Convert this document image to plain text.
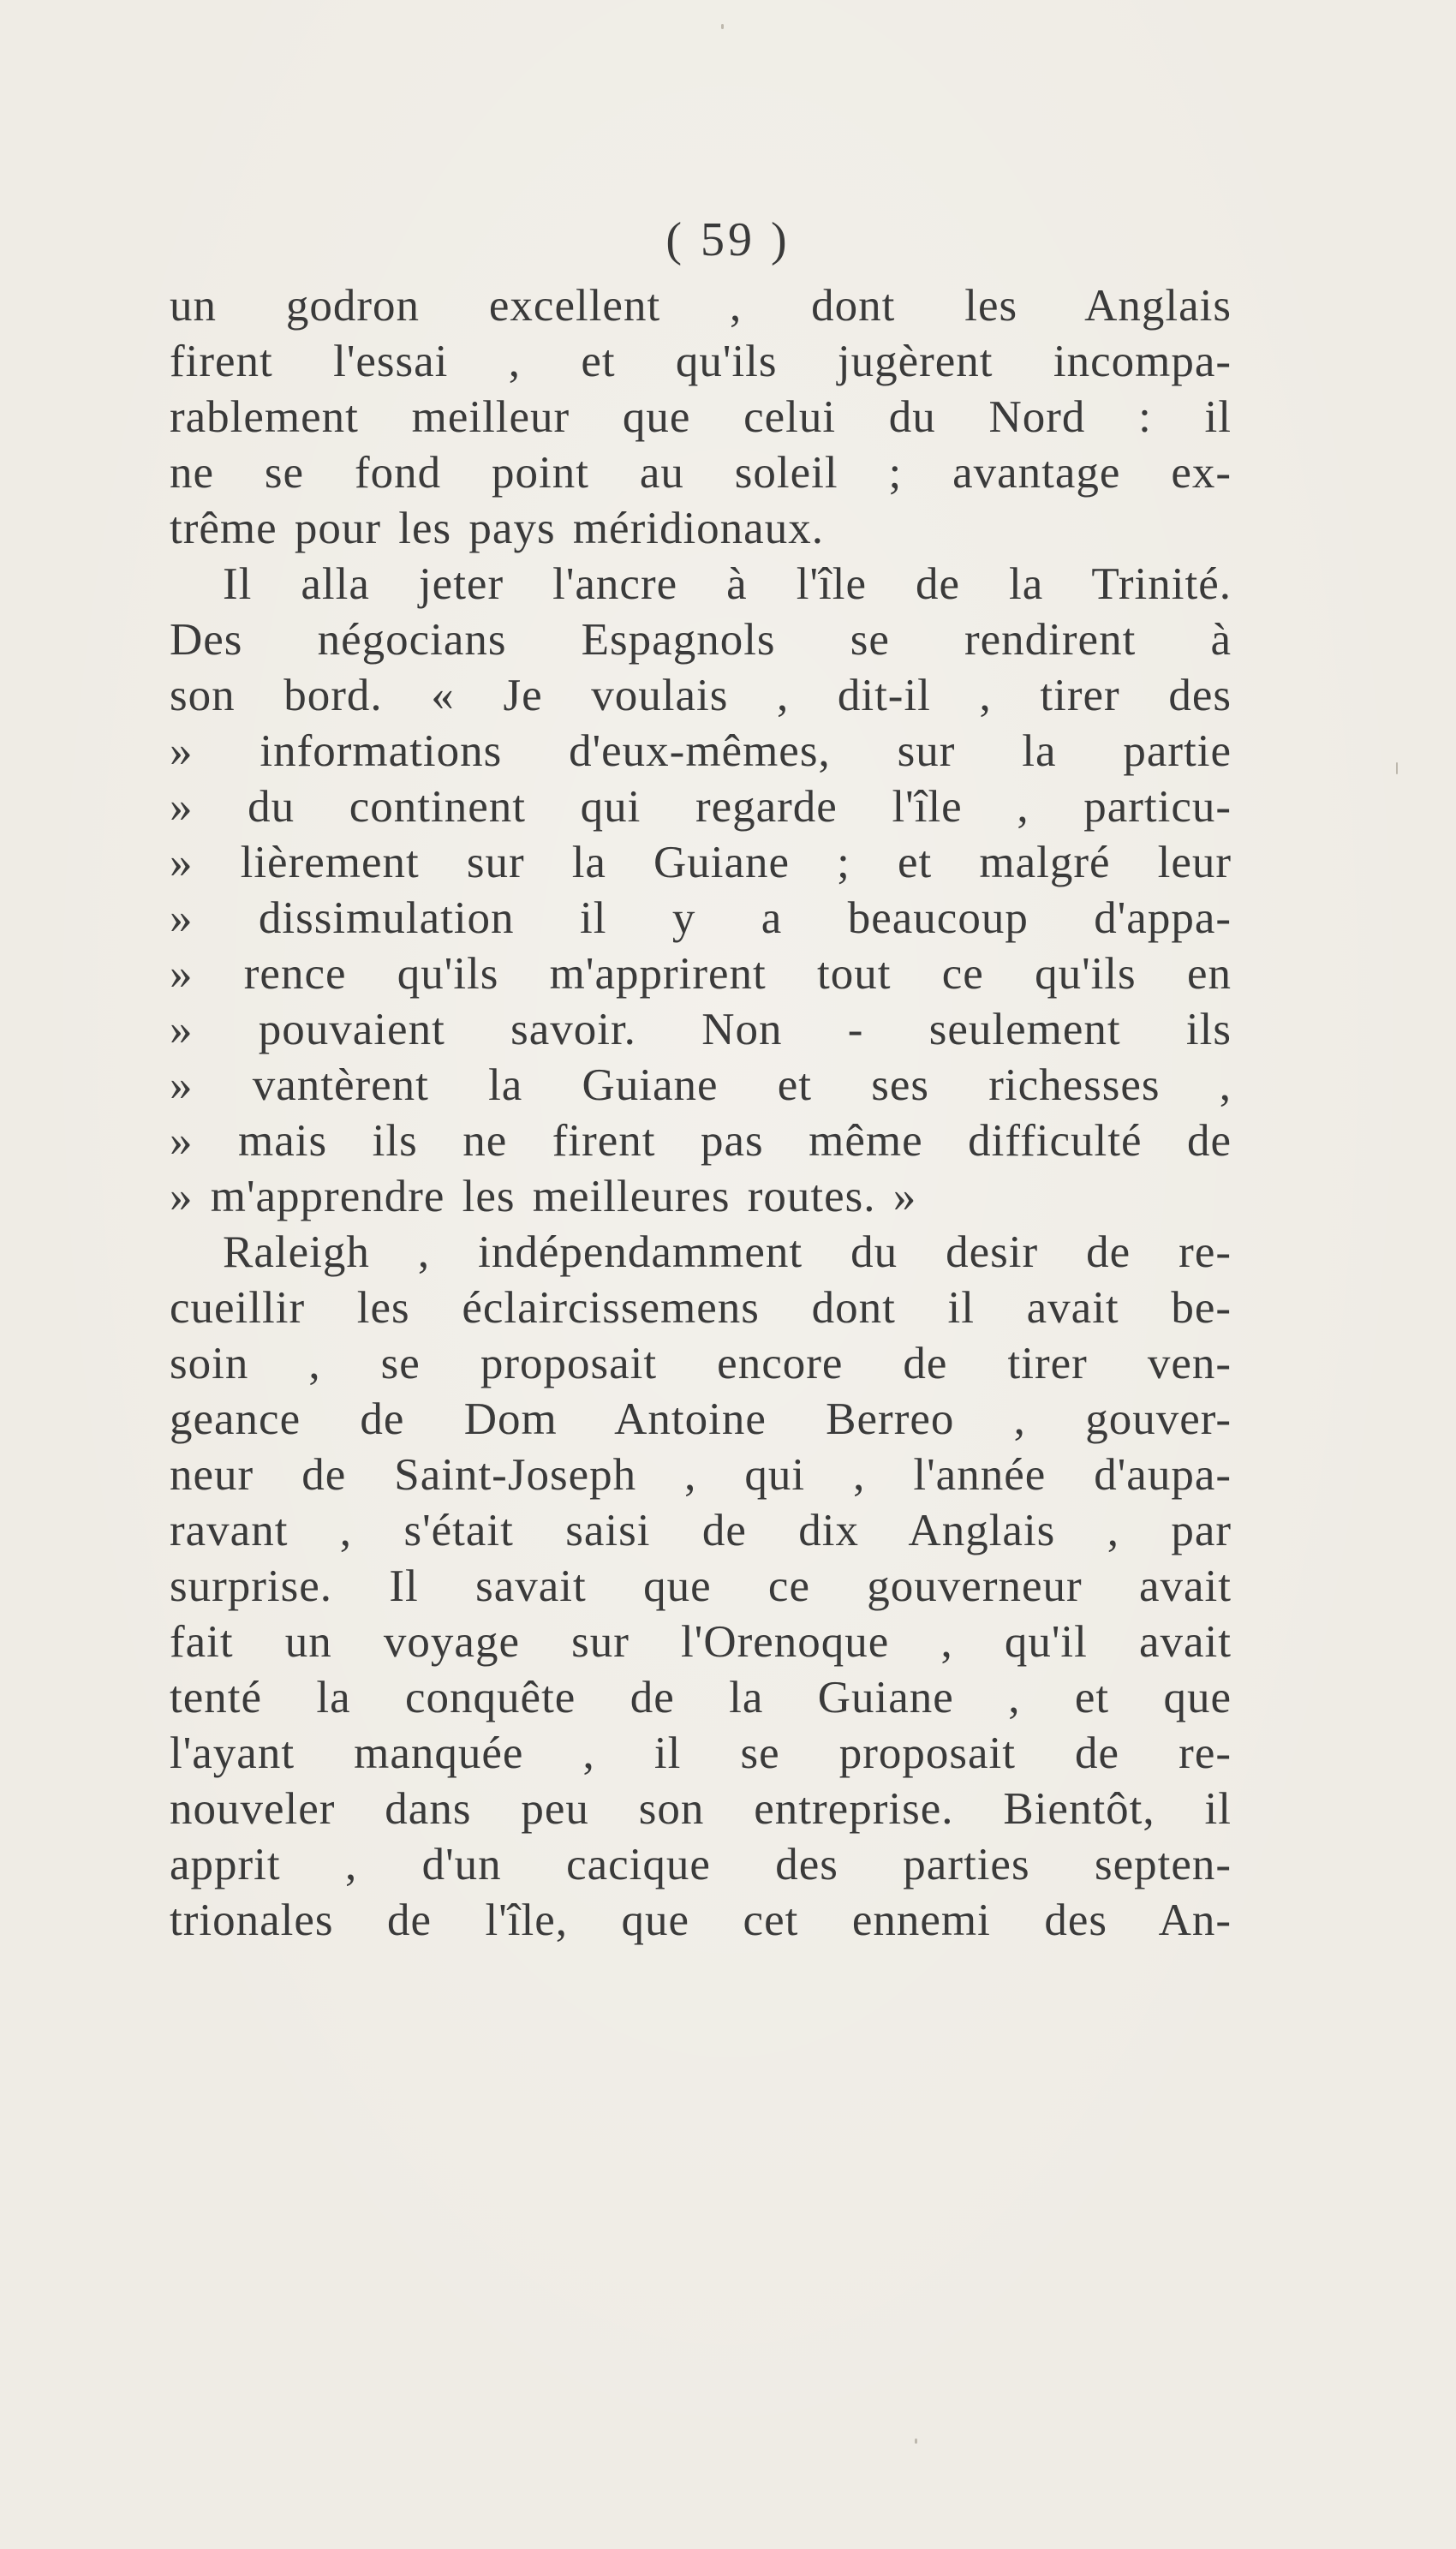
( 59 )
un godron excellent , dont les Anglais
firent l'essai , et qu'ils jugèrent incompa-
rablement meilleur que celui du Nord : il
ne se fond point au soleil ; avantage ex-
trême pour les pays méridionaux.
Il alla jeter l'ancre à l'île de la Trinité.
Des négocians Espagnols se rendirent à
son bord. « Je voulais , dit-il , tirer des
» informations d'eux-mêmes, sur la partie
» du continent qui regarde l'île , particu-
» lièrement sur la Guiane ; et malgré leur
» dissimulation il y a beaucoup d'appa-
» rence qu'ils m'apprirent tout ce qu'ils en
» pouvaient savoir. Non - seulement ils
» vantèrent la Guiane et ses richesses ,
» mais ils ne firent pas même difficulté de
» m'apprendre les meilleures routes. »
Raleigh , indépendamment du desir de re-
cueillir les éclaircissemens dont il avait be-
soin , se proposait encore de tirer ven-
geance de Dom Antoine Berreo , gouver-
neur de Saint-Joseph , qui , l'année d'aupa-
ravant , s'était saisi de dix Anglais , par
surprise. Il savait que ce gouverneur avait
fait un voyage sur l'Orenoque , qu'il avait
tenté la conquête de la Guiane , et que
l'ayant manquée , il se proposait de re-
nouveler dans peu son entreprise. Bientôt, il
apprit , d'un cacique des parties septen-
trionales de l'île, que cet ennemi des An-
